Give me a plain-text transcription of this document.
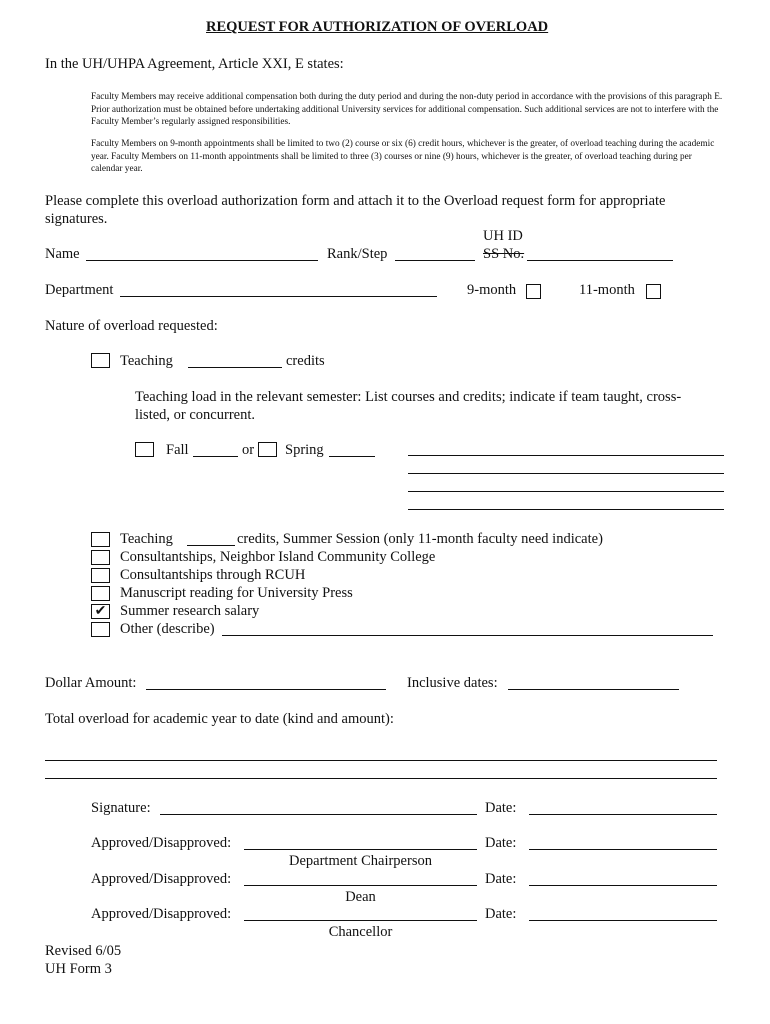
REQUEST FOR AUTHORIZATION OF OVERLOAD
In the UH/UHPA Agreement, Article XXI, E states:
Faculty Members may receive additional compensation both during the duty period and during the non-duty period in accordance with the provisions of this paragraph E. Prior authorization must be obtained before undertaking additional University services for additional compensation. Such additional services are not to interfere with the Faculty Member’s regularly assigned responsibilities.
Faculty Members on 9-month appointments shall be limited to two (2) course or six (6) credit hours, whichever is the greater, of overload teaching during the academic year. Faculty Members on 11-month appointments shall be limited to three (3) courses or nine (9) hours, whichever is the greater, of overload teaching during per calendar year.
Please complete this overload authorization form and attach it to the Overload request form for appropriate signatures.
UH ID
Name	Rank/Step	SS No.
Department	9-month	11-month
Nature of overload requested:
Teaching	credits
Teaching load in the relevant semester: List courses and credits; indicate if team taught, cross-listed, or concurrent.
Fall	or Spring
Teaching	credits, Summer Session (only 11-month faculty need indicate)
Consultantships, Neighbor Island Community College
Consultantships through RCUH
Manuscript reading for University Press
✔ Summer research salary
Other (describe)
Dollar Amount:	Inclusive dates:
Total overload for academic year to date (kind and amount):
Signature:	Date:
Approved/Disapproved:	Date:
Department Chairperson
Approved/Disapproved:	Date:
Dean
Approved/Disapproved:	Date:
Chancellor
Revised 6/05
UH Form 3
